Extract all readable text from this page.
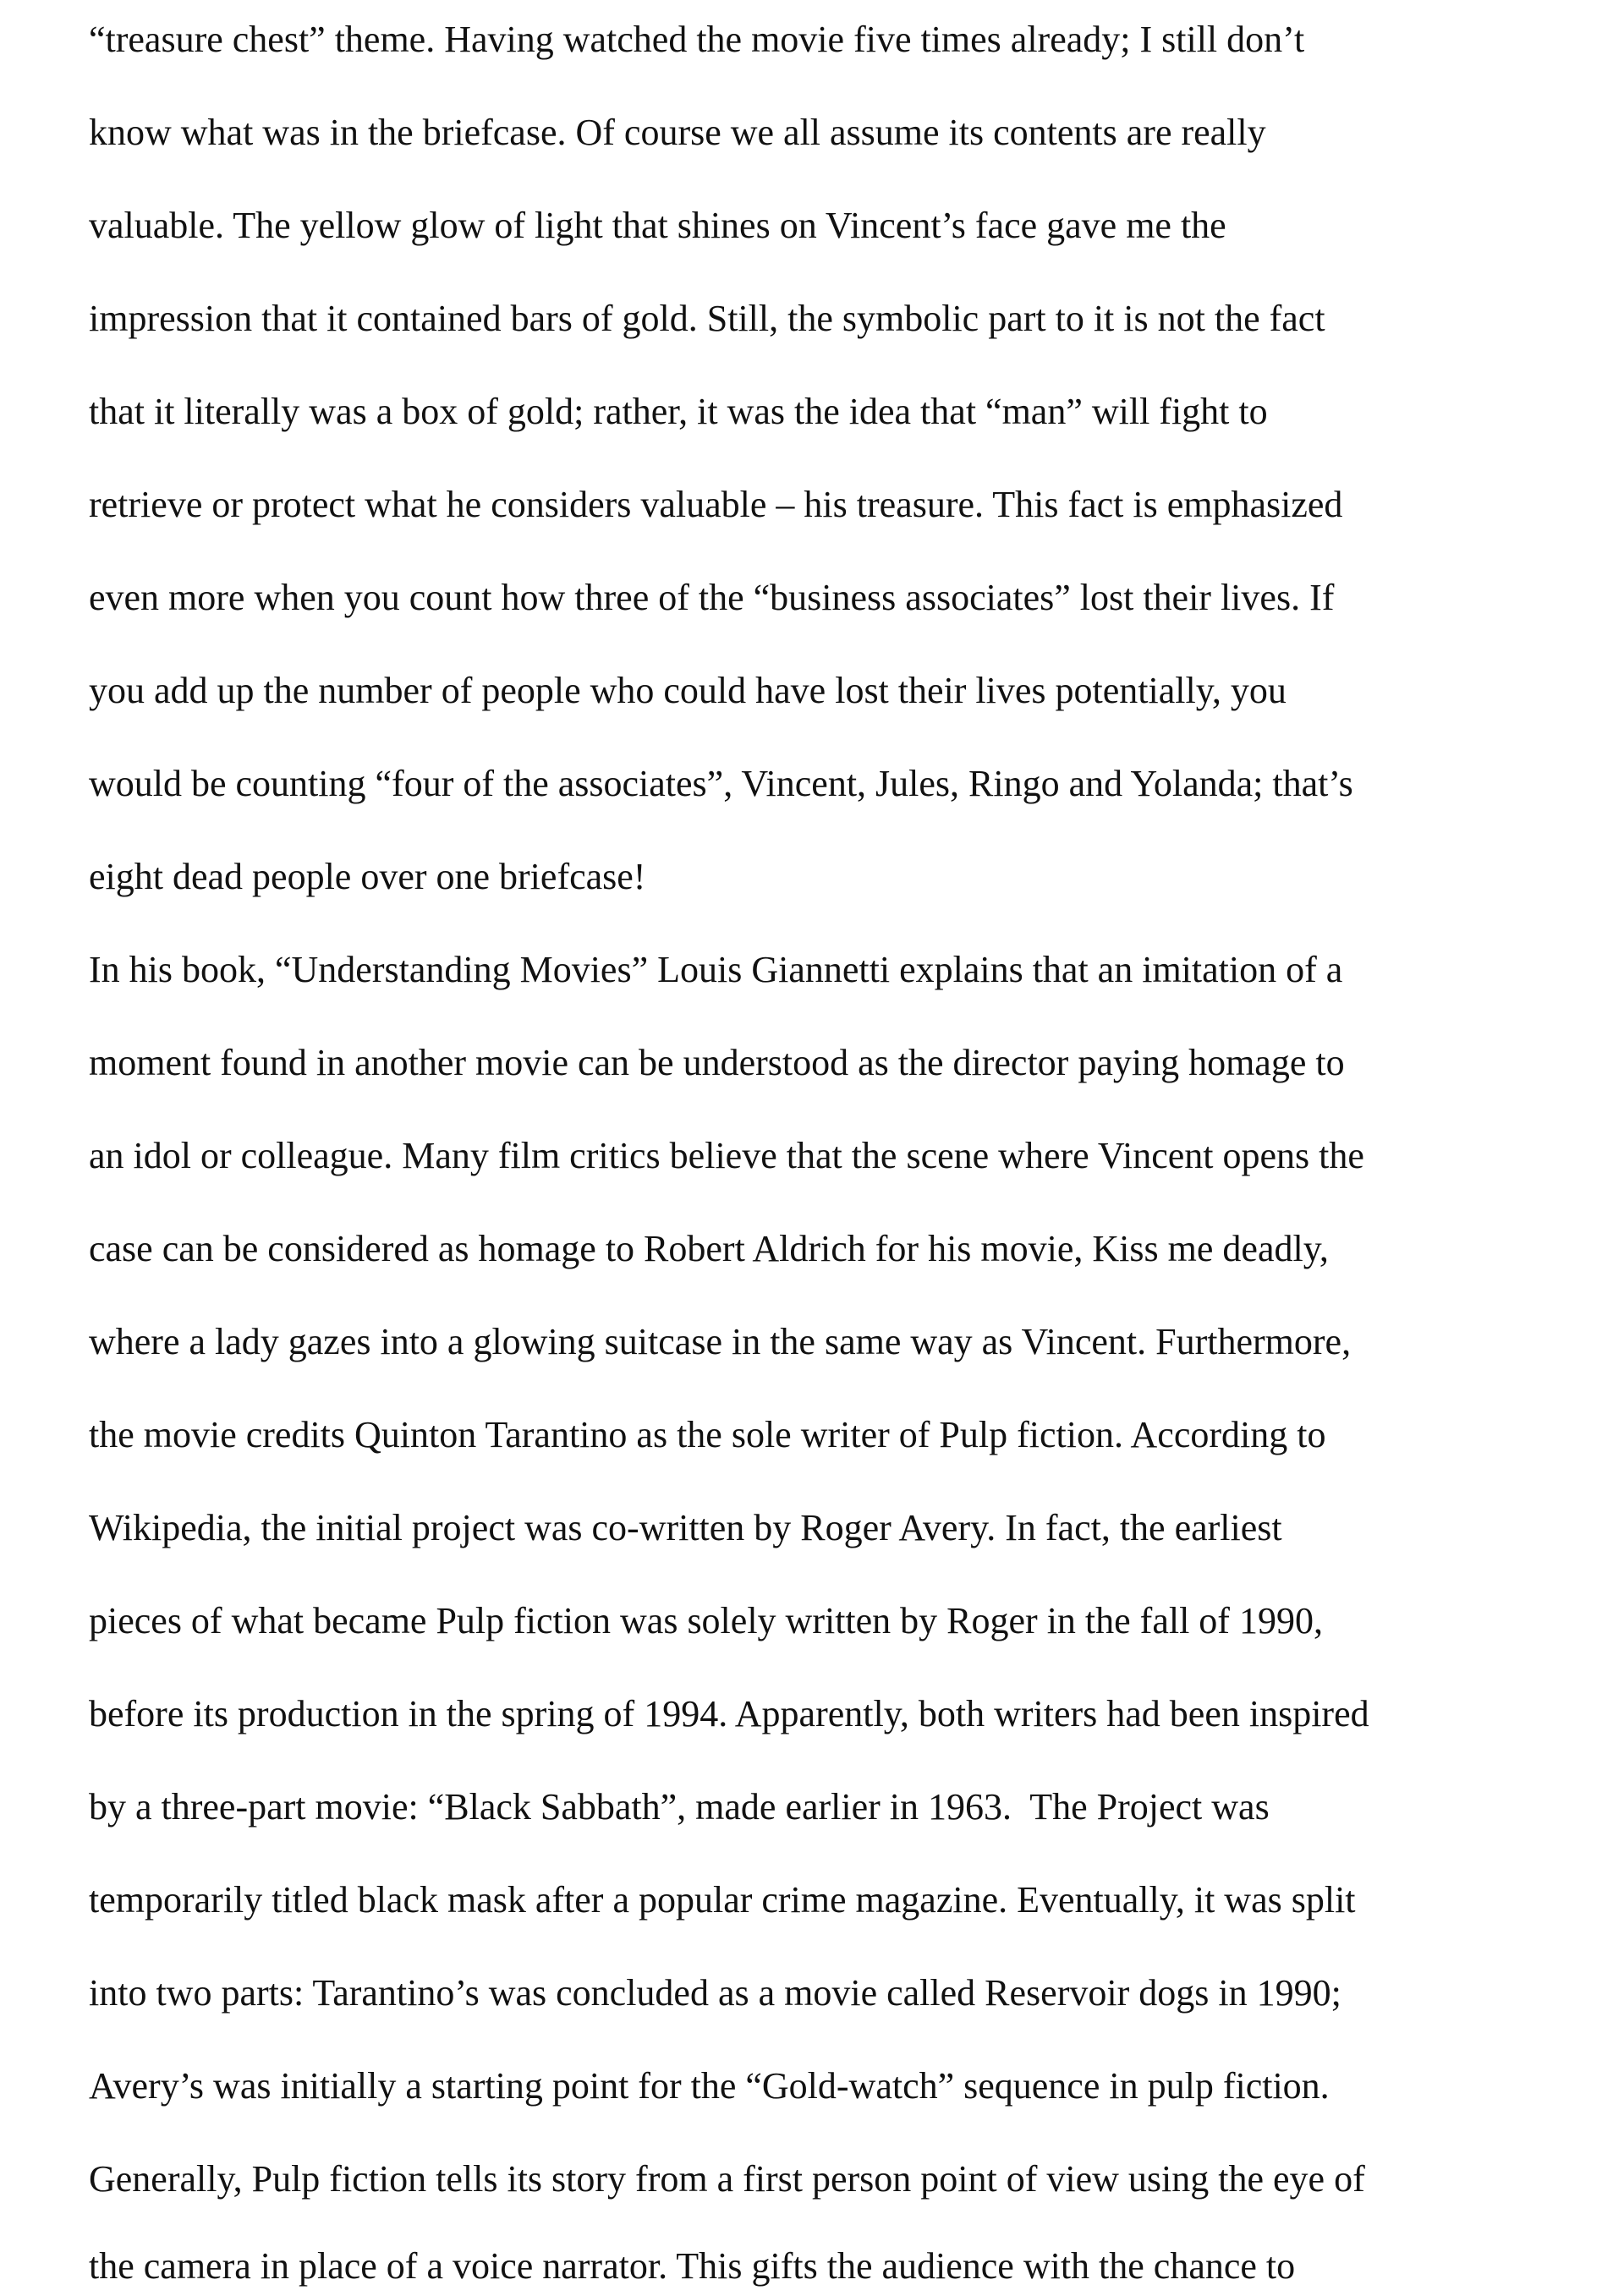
“treasure chest” theme. Having watched the movie five times already; I still don’t
know what was in the briefcase. Of course we all assume its contents are really
valuable. The yellow glow of light that shines on Vincent’s face gave me the
impression that it contained bars of gold. Still, the symbolic part to it is not the fact
that it literally was a box of gold; rather, it was the idea that “man” will fight to
retrieve or protect what he considers valuable – his treasure. This fact is emphasized
even more when you count how three of the “business associates” lost their lives. If
you add up the number of people who could have lost their lives potentially, you
would be counting “four of the associates”, Vincent, Jules, Ringo and Yolanda; that’s
eight dead people over one briefcase!
In his book, “Understanding Movies” Louis Giannetti explains that an imitation of a
moment found in another movie can be understood as the director paying homage to
an idol or colleague. Many film critics believe that the scene where Vincent opens the
case can be considered as homage to Robert Aldrich for his movie, Kiss me deadly,
where a lady gazes into a glowing suitcase in the same way as Vincent. Furthermore,
the movie credits Quinton Tarantino as the sole writer of Pulp fiction. According to
Wikipedia, the initial project was co-written by Roger Avery. In fact, the earliest
pieces of what became Pulp fiction was solely written by Roger in the fall of 1990,
before its production in the spring of 1994. Apparently, both writers had been inspired
by a three-part movie: “Black Sabbath”, made earlier in 1963.  The Project was
temporarily titled black mask after a popular crime magazine. Eventually, it was split
into two parts: Tarantino’s was concluded as a movie called Reservoir dogs in 1990;
Avery’s was initially a starting point for the “Gold-watch” sequence in pulp fiction.
Generally, Pulp fiction tells its story from a first person point of view using the eye of
the camera in place of a voice narrator. This gifts the audience with the chance to
